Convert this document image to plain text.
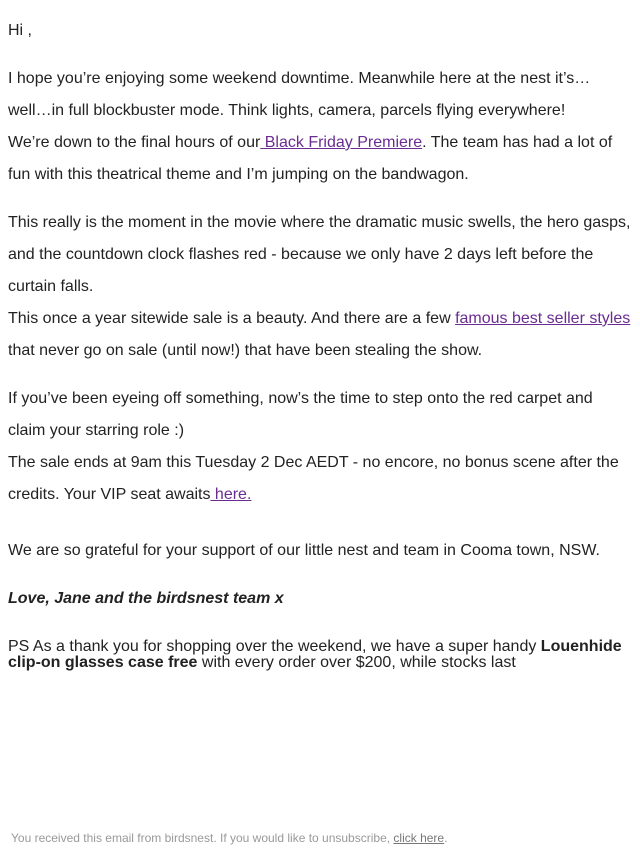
Hi ,

I hope you’re enjoying some weekend downtime. Meanwhile here at the nest it’s… well…in full blockbuster mode. Think lights, camera, parcels flying everywhere!

We’re down to the final hours of our Black Friday Premiere. The team has had a lot of fun with this theatrical theme and I’m jumping on the bandwagon.

This really is the moment in the movie where the dramatic music swells, the hero gasps, and the countdown clock flashes red - because we only have 2 days left before the curtain falls.

This once a year sitewide sale is a beauty. And there are a few famous best seller styles that never go on sale (until now!) that have been stealing the show.

If you’ve been eyeing off something, now’s the time to step onto the red carpet and claim your starring role :)

The sale ends at 9am this Tuesday 2 Dec AEDT - no encore, no bonus scene after the credits. Your VIP seat awaits here.

We are so grateful for your support of our little nest and team in Cooma town, NSW.

Love, Jane and the birdsnest team x

PS As a thank you for shopping over the weekend, we have a super handy Louenhide clip-on glasses case free with every order over $200, while stocks last

You received this email from birdsnest. If you would like to unsubscribe, click here.
